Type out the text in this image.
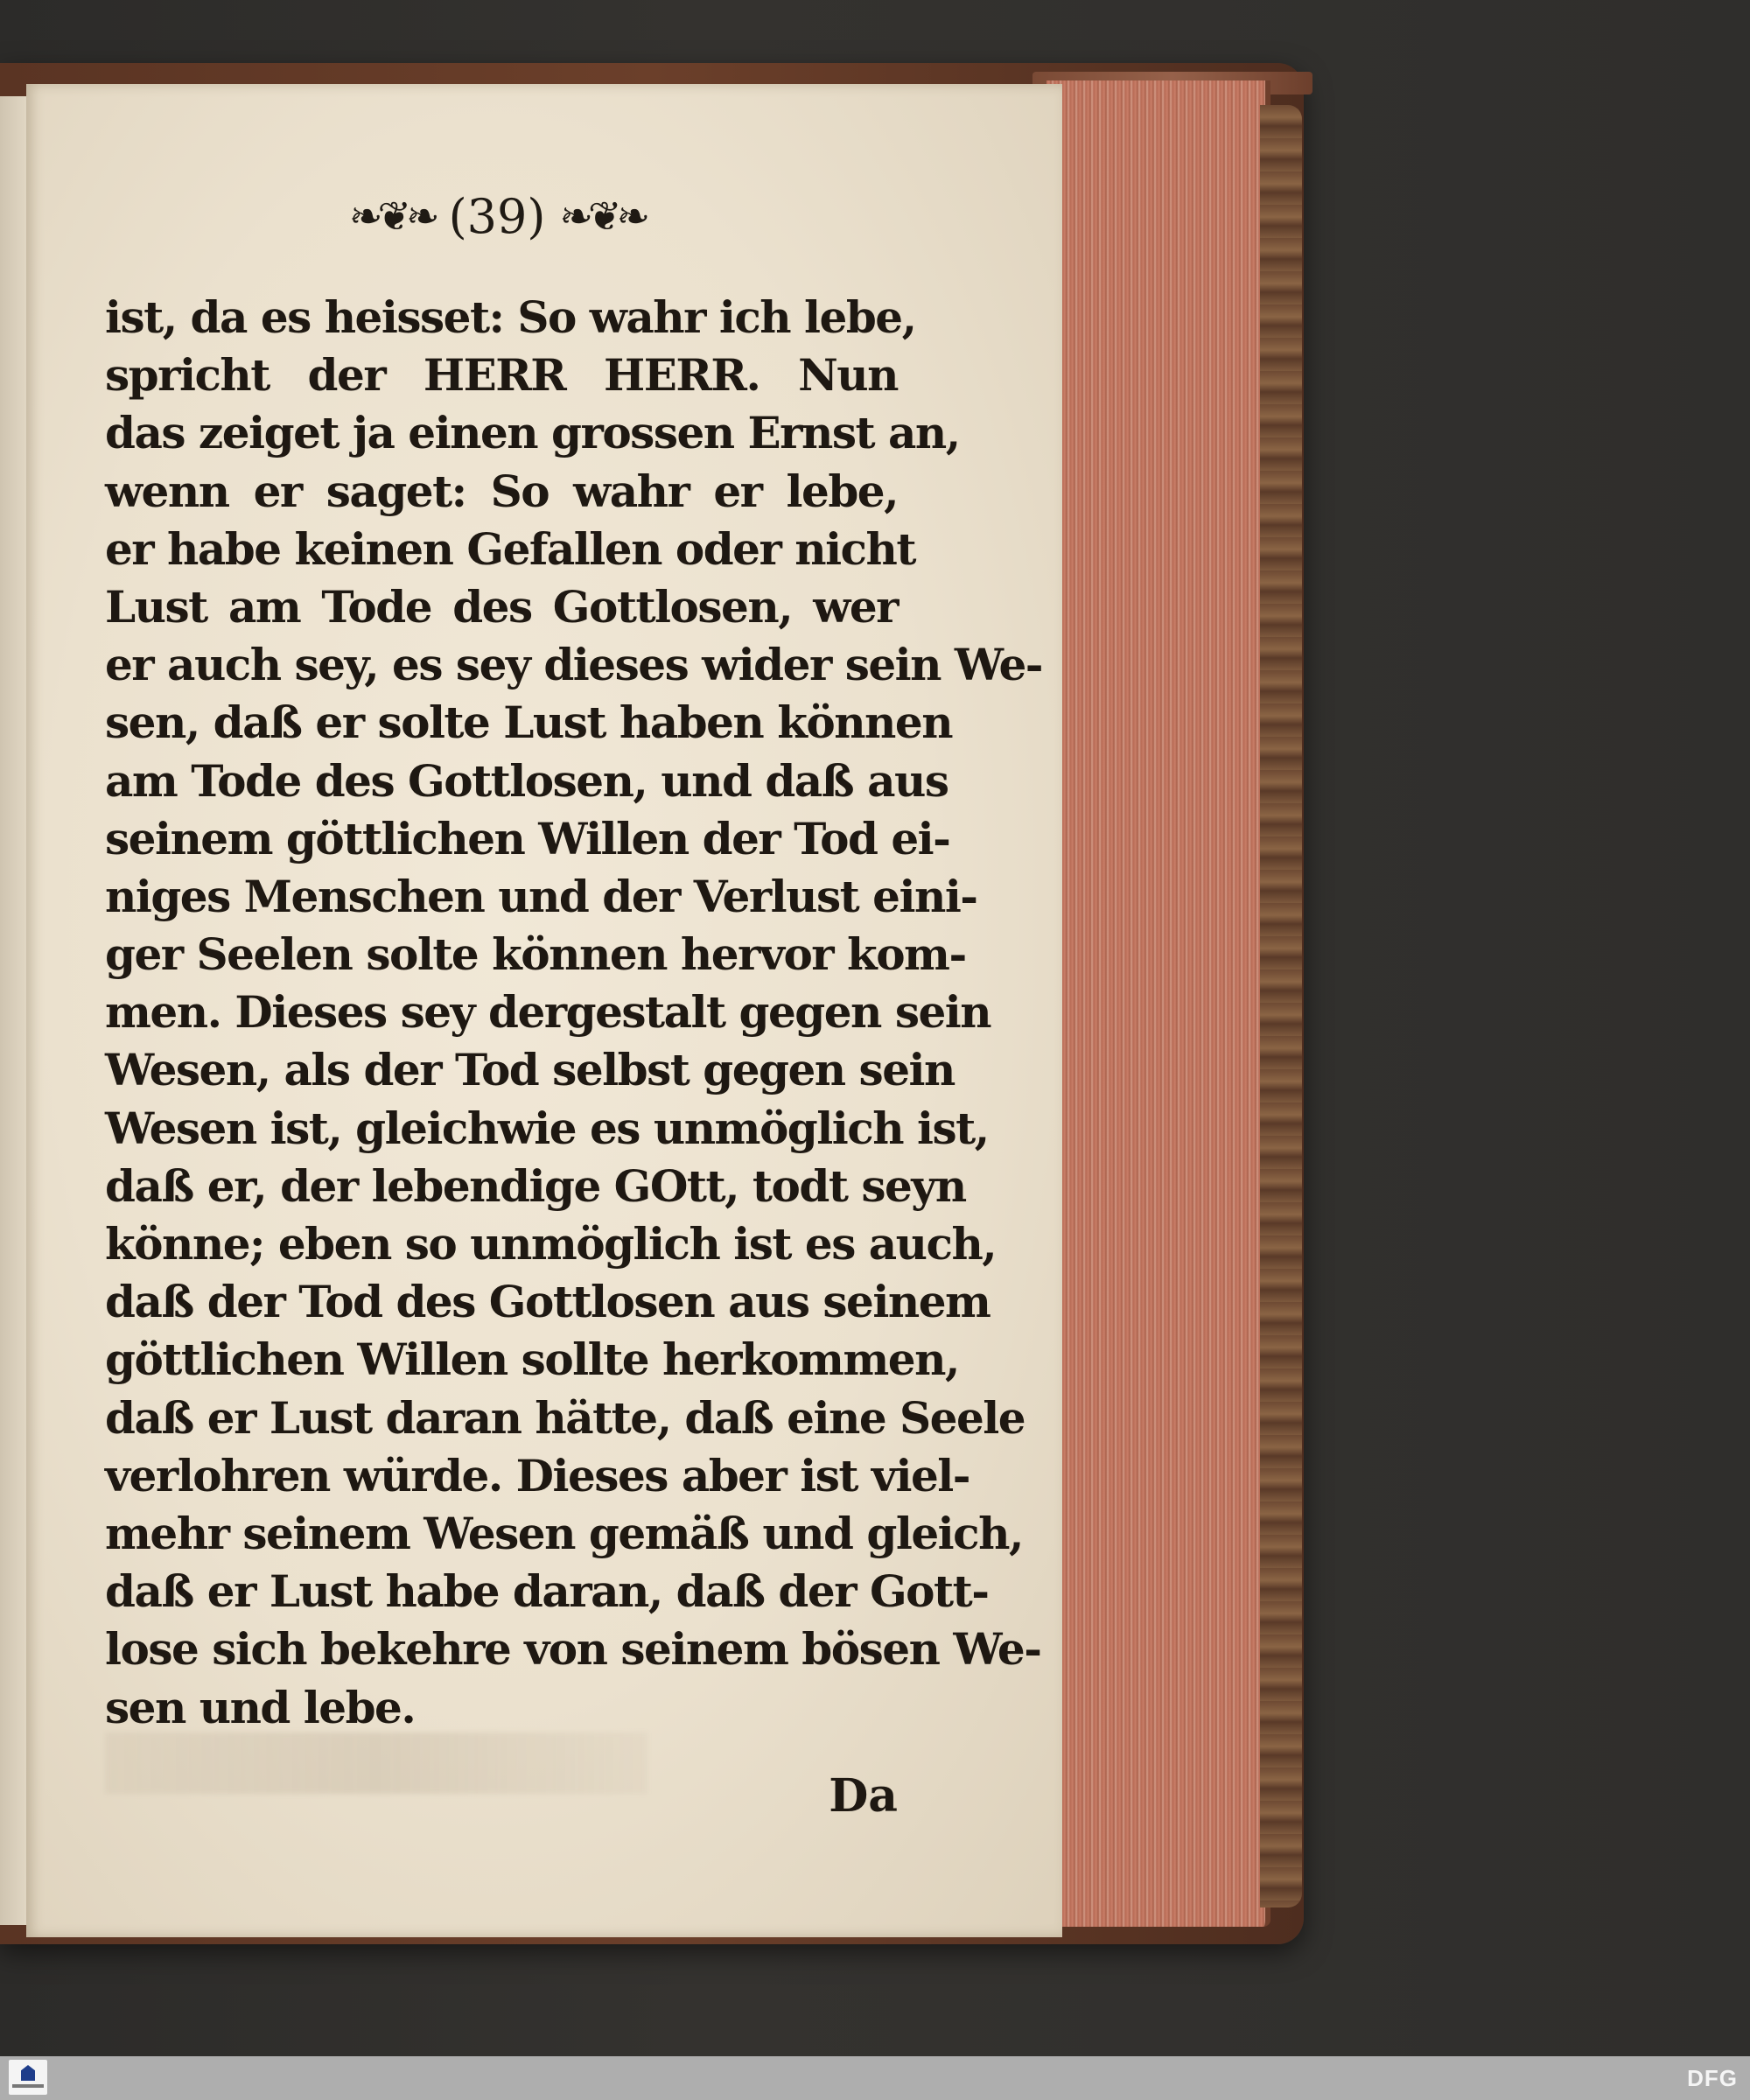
❧❦❧ (39) ❧❦❧
ist, da es heisset: So wahr ich lebe,
spricht der HERR HERR. Nun
das zeiget ja einen grossen Ernst an,
wenn er saget: So wahr er lebe,
er habe keinen Gefallen oder nicht
Lust am Tode des Gottlosen, wer
er auch sey, es sey dieses wider sein We-
sen, daß er solte Lust haben können
am Tode des Gottlosen, und daß aus
seinem göttlichen Willen der Tod ei-
niges Menschen und der Verlust eini-
ger Seelen solte können hervor kom-
men. Dieses sey dergestalt gegen sein
Wesen, als der Tod selbst gegen sein
Wesen ist, gleichwie es unmöglich ist,
daß er, der lebendige GOtt, todt seyn
könne; eben so unmöglich ist es auch,
daß der Tod des Gottlosen aus seinem
göttlichen Willen sollte herkommen,
daß er Lust daran hätte, daß eine Seele
verlohren würde. Dieses aber ist viel-
mehr seinem Wesen gemäß und gleich,
daß er Lust habe daran, daß der Gott-
lose sich bekehre von seinem bösen We-
sen und lebe.
Da
DFG
